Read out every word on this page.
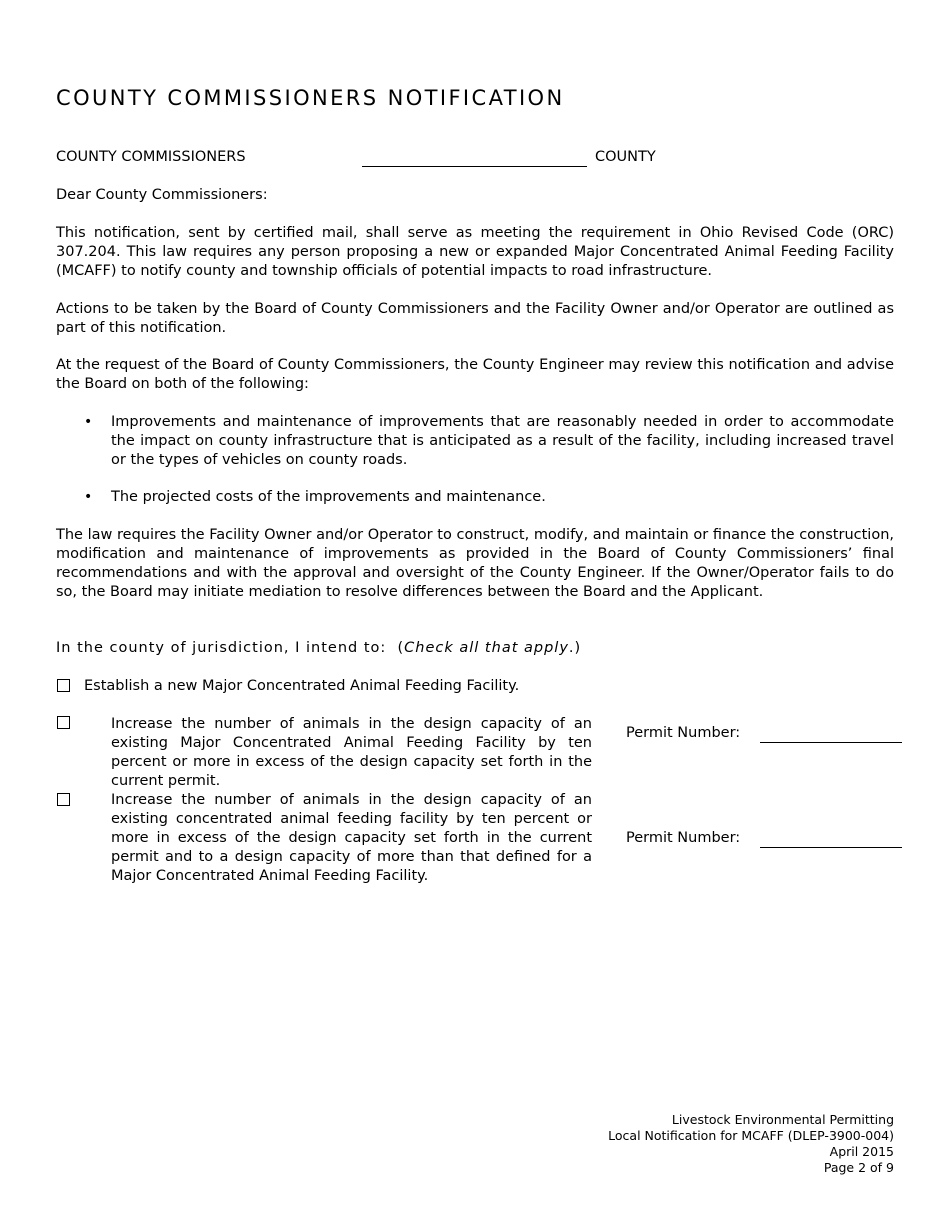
COUNTY COMMISSIONERS NOTIFICATION
COUNTY COMMISSIONERS	COUNTY
Dear County Commissioners:
This notification, sent by certified mail, shall serve as meeting the requirement in Ohio Revised Code (ORC) 307.204. This law requires any person proposing a new or expanded Major Concentrated Animal Feeding Facility (MCAFF) to notify county and township officials of potential impacts to road infrastructure.
Actions to be taken by the Board of County Commissioners and the Facility Owner and/or Operator are outlined as part of this notification.
At the request of the Board of County Commissioners, the County Engineer may review this notification and advise the Board on both of the following:
• Improvements and maintenance of improvements that are reasonably needed in order to accommodate the impact on county infrastructure that is anticipated as a result of the facility, including increased travel or the types of vehicles on county roads.
• The projected costs of the improvements and maintenance.
The law requires the Facility Owner and/or Operator to construct, modify, and maintain or finance the construction, modification and maintenance of improvements as provided in the Board of County Commissioners’ final recommendations and with the approval and oversight of the County Engineer. If the Owner/Operator fails to do so, the Board may initiate mediation to resolve differences between the Board and the Applicant.
In the county of jurisdiction, I intend to: (Check all that apply.)
Establish a new Major Concentrated Animal Feeding Facility.
Increase the number of animals in the design capacity of an existing Major Concentrated Animal Feeding Facility by ten percent or more in excess of the design capacity set forth in the current permit.
Permit Number:
Increase the number of animals in the design capacity of an existing concentrated animal feeding facility by ten percent or more in excess of the design capacity set forth in the current permit and to a design capacity of more than that defined for a Major Concentrated Animal Feeding Facility.
Permit Number:
Livestock Environmental Permitting
Local Notification for MCAFF (DLEP-3900-004)
April 2015
Page 2 of 9
